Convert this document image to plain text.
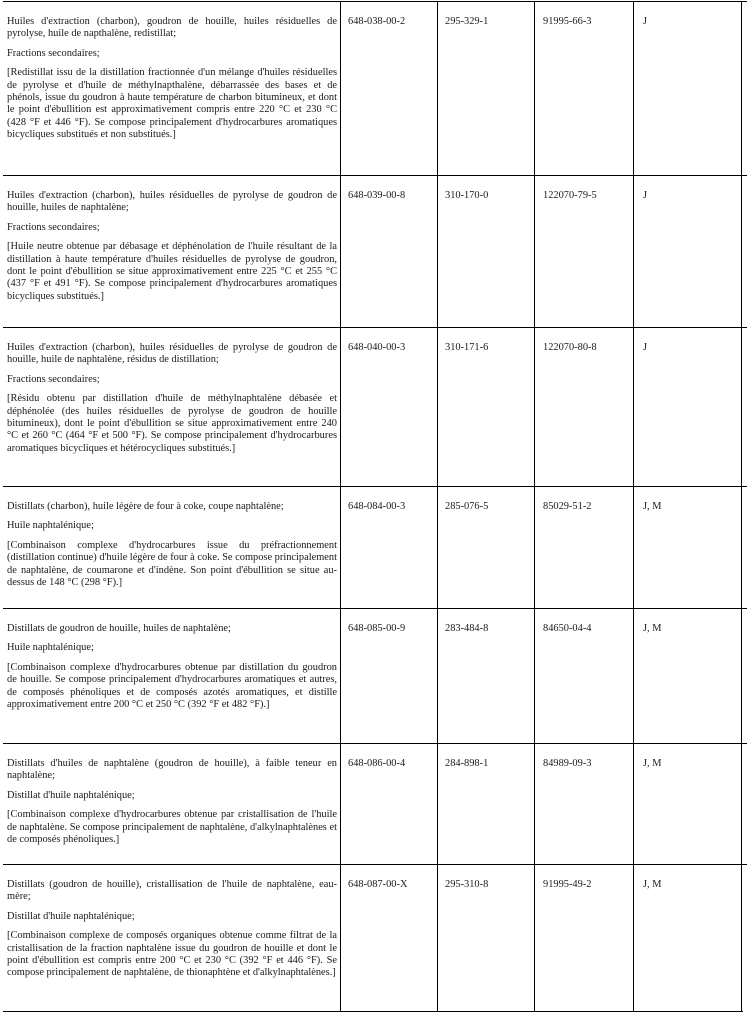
Huiles d'extraction (charbon), goudron de houille, huiles résiduelles de pyrolyse, huile de napthalène, redistillat;

Fractions secondaires;

[Redistillat issu de la distillation fractionnée d'un mélange d'huiles résiduelles de pyrolyse et d'huile de méthylnapthalène, débarrassée des bases et de phénols, issue du goudron à haute température de charbon bitumineux, et dont le point d'ébullition est approximativement compris entre 220 °C et 230 °C (428 °F et 446 °F). Se compose principalement d'hydrocarbures aromatiques bicycliques substitués et non substitués.]

648-038-00-2	295-329-1	91995-66-3	J

Huiles d'extraction (charbon), huiles résiduelles de pyrolyse de goudron de houille, huiles de naphtalène;

Fractions secondaires;

[Huile neutre obtenue par débasage et déphénolation de l'huile résultant de la distillation à haute température d'huiles résiduelles de pyrolyse de goudron, dont le point d'ébullition se situe approximativement entre 225 °C et 255 °C (437 °F et 491 °F). Se compose principalement d'hydrocarbures aromatiques bicycliques substitués.]

648-039-00-8	310-170-0	122070-79-5	J

Huiles d'extraction (charbon), huiles résiduelles de pyrolyse de goudron de houille, huile de naphtalène, résidus de distillation;

Fractions secondaires;

[Résidu obtenu par distillation d'huile de méthylnaphtalène débasée et déphénolée (des huiles résiduelles de pyrolyse de goudron de houille bitumineux), dont le point d'ébullition se situe approximativement entre 240 °C et 260 °C (464 °F et 500 °F). Se compose principalement d'hydrocarbures aromatiques bicycliques et hétérocycliques substitués.]

648-040-00-3	310-171-6	122070-80-8	J

Distillats (charbon), huile légère de four à coke, coupe naphtalène;

Huile naphtalénique;

[Combinaison complexe d'hydrocarbures issue du préfractionnement (distillation continue) d'huile légère de four à coke. Se compose principalement de naphtalène, de coumarone et d'indène. Son point d'ébullition se situe au-dessus de 148 °C (298 °F).]

648-084-00-3	285-076-5	85029-51-2	J, M

Distillats de goudron de houille, huiles de naphtalène;

Huile naphtalénique;

[Combinaison complexe d'hydrocarbures obtenue par distillation du goudron de houille. Se compose principalement d'hydrocarbures aromatiques et autres, de composés phénoliques et de composés azotés aromatiques, et distille approximativement entre 200 °C et 250 °C (392 °F et 482 °F).]

648-085-00-9	283-484-8	84650-04-4	J, M

Distillats d'huiles de naphtalène (goudron de houille), à faible teneur en naphtalène;

Distillat d'huile naphtalénique;

[Combinaison complexe d'hydrocarbures obtenue par cristallisation de l'huile de naphtalène. Se compose principalement de naphtalène, d'alkylnaphtalènes et de composés phénoliques.]

648-086-00-4	284-898-1	84989-09-3	J, M

Distillats (goudron de houille), cristallisation de l'huile de naphtalène, eau-mère;

Distillat d'huile naphtalénique;

[Combinaison complexe de composés organiques obtenue comme filtrat de la cristallisation de la fraction naphtalène issue du goudron de houille et dont le point d'ébullition est compris entre 200 °C et 230 °C (392 °F et 446 °F). Se compose principalement de naphtalène, de thionaphtène et d'alkylnaphtalènes.]

648-087-00-X	295-310-8	91995-49-2	J, M
